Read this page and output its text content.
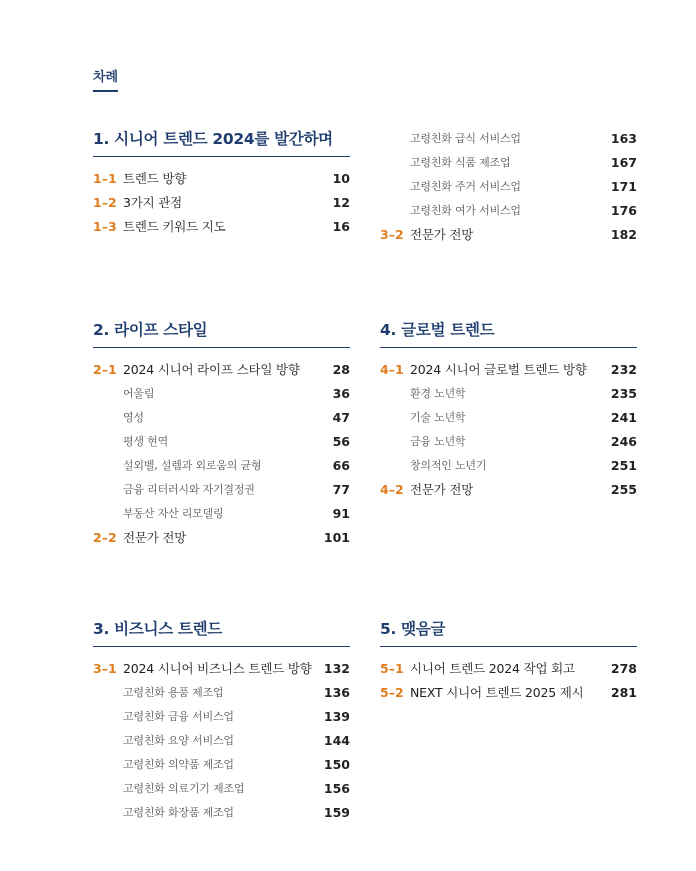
차례
1. 시니어 트렌드 2024를 발간하며
1–1 트렌드 방향	10
1–2 3가지 관점	12
1–3 트렌드 키워드 지도	16
2. 라이프 스타일
2–1 2024 시니어 라이프 스타일 방향	28
어울림	36
영성	47
평생 현역	56
설외벨, 설렘과 외로움의 균형	66
금융 리터러시와 자기결정권	77
부동산 자산 리모델링	91
2–2 전문가 전망	101
3. 비즈니스 트렌드
3–1 2024 시니어 비즈니스 트렌드 방향 132
고령친화 용품 제조업	136
고령친화 금융 서비스업	139
고령친화 요양 서비스업	144
고령친화 의약품 제조업	150
고령친화 의료기기 제조업	156
고령친화 화장품 제조업	159
고령친화 급식 서비스업	163
고령친화 식품 제조업	167
고령친화 주거 서비스업	171
고령친화 여가 서비스업	176
3–2 전문가 전망	182
4. 글로벌 트렌드
4–1 2024 시니어 글로벌 트렌드 방향	232
환경 노년학	235
기술 노년학	241
금융 노년학	246
창의적인 노년기	251
4–2 전문가 전망	255
5. 맺음글
5–1 시니어 트렌드 2024 작업 회고	278
5–2 NEXT 시니어 트렌드 2025 제시	281
